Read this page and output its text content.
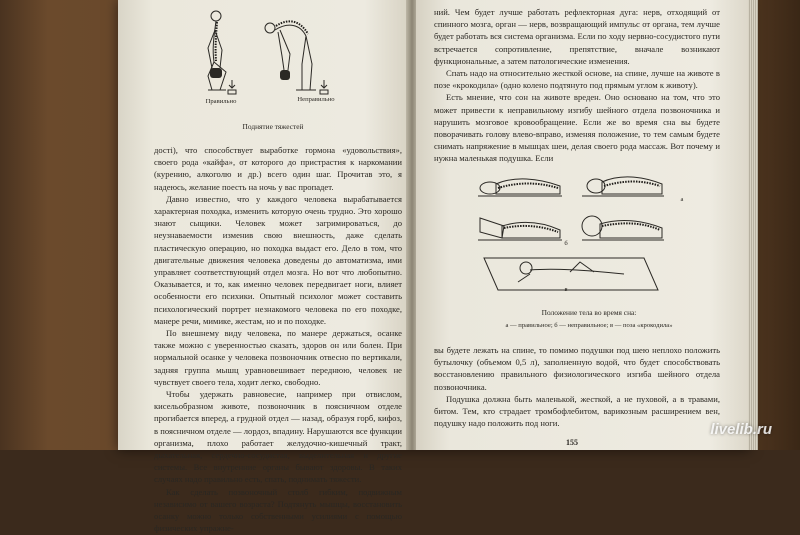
Правильно	Неправильно
Поднятие тяжестей

достi), что способствует выработке гормона «удовольствия», своего рода «кайфа», от которого до пристрастия к наркомании (курению, алкоголю и др.) всего один шаг. Прочитав это, я надеюсь, желание поесть на ночь у вас пропадет.

Давно известно, что у каждого человека вырабатывается характерная походка, изменить которую очень трудно. Это хорошо знают сыщики. Человек может загримироваться, до неузнаваемости изменив свою внешность, даже сделать пластическую операцию, но походка выдаст его. Дело в том, что двигательные движения человека доведены до автоматизма, ими управляет соответствующий отдел мозга. Но вот что любопытно. Оказывается, и то, как именно человек передвигает ноги, влияет особенности его психики. Опытный психолог может составить психологический портрет незнакомого человека по его походке, манере речи, мимике, жестам, но и по походке.

По внешнему виду человека, по манере держаться, осанке также можно с уверенностью сказать, здоров он или болен. При нормальной осанке у человека позвоночник отвесно по вертикали, задняя группа мышц уравновешивает переднюю, человек не чувствует своего тела, ходит легко, свободно.

Чтобы удержать равновесие, например при отвислом, кисельобразном животе, позвоночник в поясничном отделе прогибается вперед, а грудной отдел — назад, образуя горб, кифоз, в поясничном отделе — лордоз, впадину. Нарушаются все функции организма, плохо работает желудочно-кишечный тракт, дыхательная, сердечно-сосудистая, выделительная и другие системы. Все внутренние органы бывают здоровы. В таких случаях надо правильно есть, спать, поднимать тяжести.

Как сделать позвоночный столб гибким, подвижным независимо от вашего возраста? Подтянуть мышцы, восстановить осанку можно только собственными усилиями с помощью физических упражне-

ний. Чем будет лучше работать рефлекторная дуга: нерв, отходящий от спинного мозга, орган — нерв, возвращающий импульс от органа, тем лучше будет работать вся система организма. Если по ходу нервно-сосудистого пути встречается сопротивление, препятствие, вначале возникают функциональные, а затем патологические изменения.

Спать надо на относительно жесткой основе, на спине, лучше на животе в позе «крокодила» (одно колено подтянуто под прямым углом к животу).

Есть мнение, что сон на животе вреден. Оно основано на том, что это может привести к неправильному изгибу шейного отдела позвоночника и нарушить мозговое кровообращение. Если же во время сна вы будете поворачивать голову влево-вправо, изменяя положение, то тем самым будете снимать напряжение в мышцах шеи, делая своего рода массаж. Вот почему и нужна маленькая подушка. Если

а
б
в
Положение тела во время сна:
а — правильное; б — неправильное; в — поза «крокодила»

вы будете лежать на спине, то помимо подушки под шею неплохо положить бутылочку (объемом 0,5 л), заполненную водой, что будет способствовать восстановлению правильного физиологического изгиба шейного отдела позвоночника.

Подушка должна быть маленькой, жесткой, а не пуховой, а в травами, битом. Тем, кто страдает тромбофлебитом, варикозным расширением вен, подушку надо положить под ноги.

155
livelib.ru
